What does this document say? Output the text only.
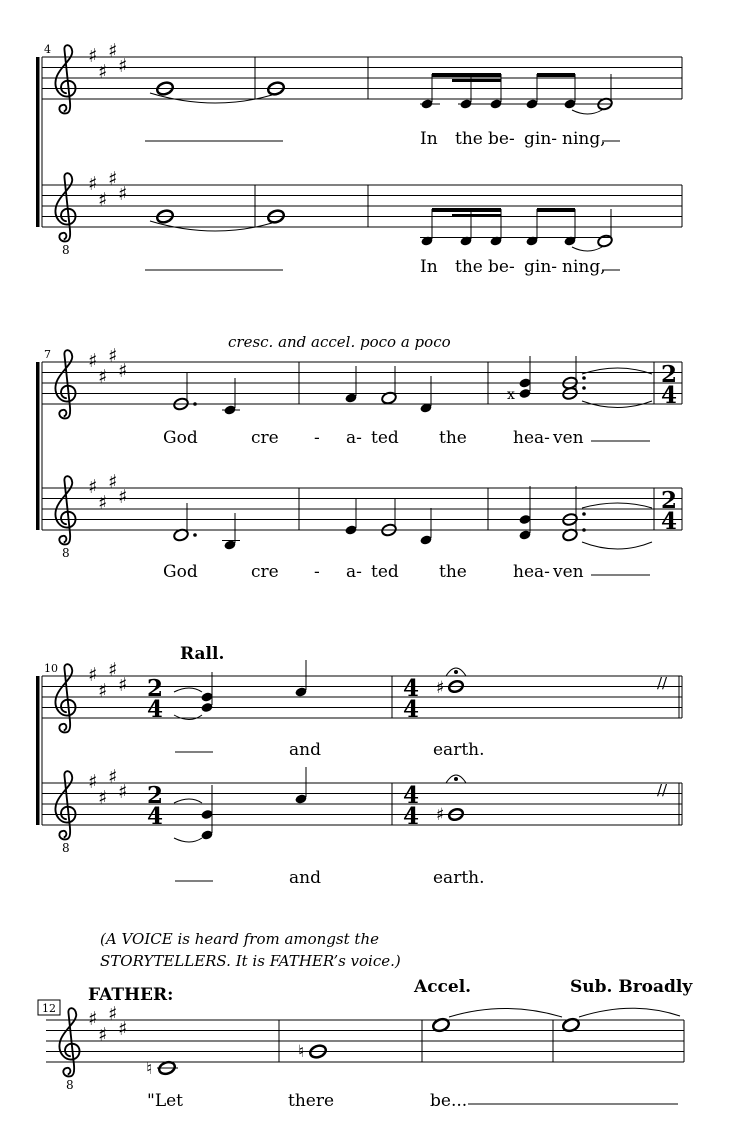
4 ♯
♯
♯
♯
In the be- gin- ning,
8
♯
♯
♯
♯
In the be- gin- ning,
cresc. and accel. poco a poco
7 ♯
♯
♯
♯	2
4
x
God	cre - a- ted the	hea- ven
8
♯
♯
♯
♯	2
4
God	cre - a- ted the	hea- ven
Rall.
10 ♯
♯
♯
♯ 2
4
4
4
//
♯
and	earth.
8
♯
♯
♯
♯ 2
4
4
4
//
♯
and	earth.
(A VOICE is heard from amongst the
STORYTELLERS. It is FATHER’s voice.)
Accel.	Sub. Broadly
FATHER:
12
8
♯
♯
♯
♯
♮
♮
"Let	there	be...
